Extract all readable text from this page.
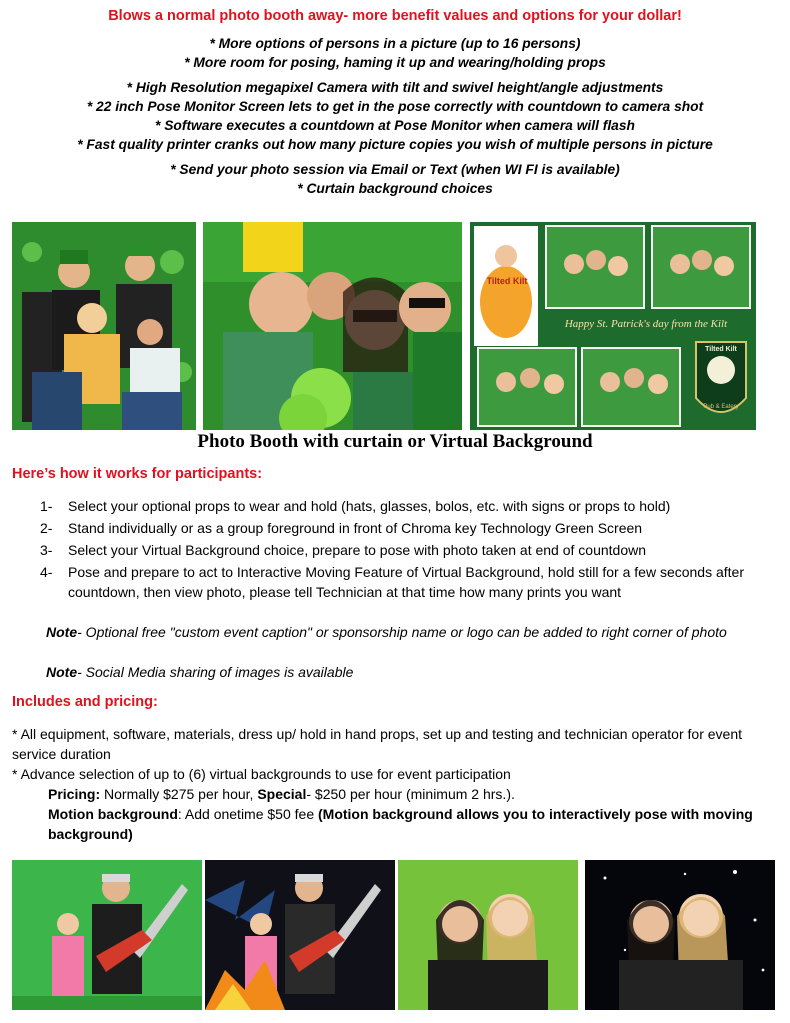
Blows a normal photo booth away- more benefit values and options for your dollar!
* More options of persons in a picture (up to 16 persons)
* More room for posing, haming it up and wearing/holding props
* High Resolution megapixel Camera with tilt and swivel height/angle adjustments
* 22 inch Pose Monitor Screen lets to get in the pose correctly with countdown to camera shot
* Software executes a countdown at Pose Monitor when camera will flash
* Fast quality printer cranks out how many picture copies you wish of multiple persons in picture
* Send your photo session via Email or Text (when WI FI is available)
* Curtain background choices
Tilted Kilt
Happy St. Patrick's day from the Kilt
Tilted Kilt
Pub & Eatery
Photo Booth with curtain or Virtual Background
Here’s how it works for participants:
1-	Select your optional props to wear and hold (hats, glasses, bolos, etc. with signs or props to hold)
2-	Stand individually or as a group foreground in front of Chroma key Technology Green Screen
3-	Select your Virtual Background choice, prepare to pose with photo taken at end of countdown
4-	Pose and prepare to act to Interactive Moving Feature of Virtual Background, hold still for a few seconds after countdown, then view photo, please tell Technician at that time how many prints you want
Note- Optional free "custom event caption" or sponsorship name or logo can be added to right corner of photo
Note- Social Media sharing of images is available
Includes and pricing:
* All equipment, software, materials, dress up/ hold in hand props, set up and testing and technician operator for event service duration
* Advance selection of up to (6) virtual backgrounds to use for event participation
Pricing: Normally $275 per hour, Special- $250 per hour (minimum 2 hrs.).
Motion background: Add onetime $50 fee (Motion background allows you to interactively pose with moving background)
